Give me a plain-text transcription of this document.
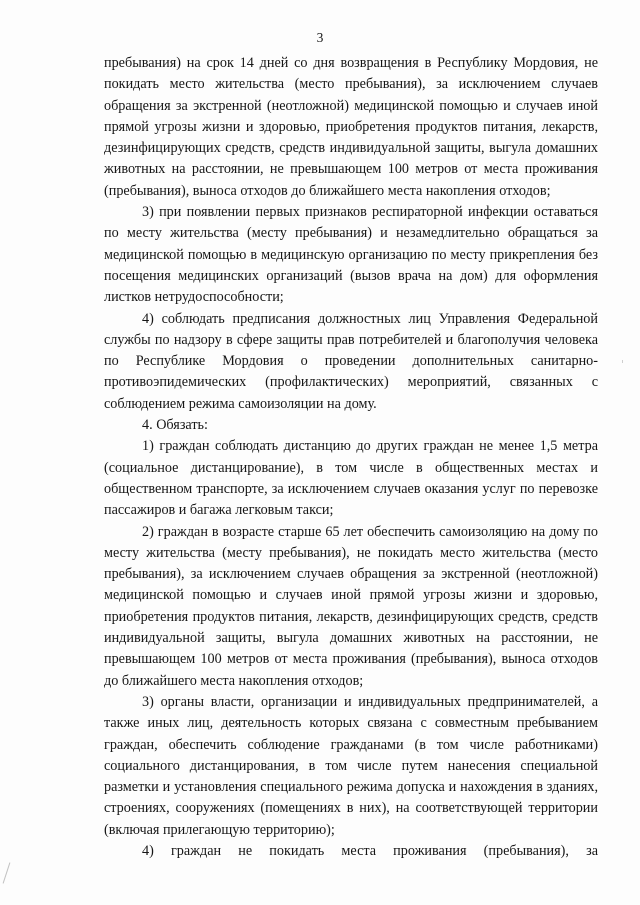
3

пребывания) на срок 14 дней со дня возвращения в Республику Мордовия, не покидать место жительства (место пребывания), за исключением случаев обращения за экстренной (неотложной) медицинской помощью и случаев иной прямой угрозы жизни и здоровью, приобретения продуктов питания, лекарств, дезинфицирующих средств, средств индивидуальной защиты, выгула домашних животных на расстоянии, не превышающем 100 метров от места проживания (пребывания), выноса отходов до ближайшего места накопления отходов;

3) при появлении первых признаков респираторной инфекции оставаться по месту жительства (месту пребывания) и незамедлительно обращаться за медицинской помощью в медицинскую организацию по месту прикрепления без посещения медицинских организаций (вызов врача на дом) для оформления листков нетрудоспособности;

4) соблюдать предписания должностных лиц Управления Федеральной службы по надзору в сфере защиты прав потребителей и благополучия человека по Республике Мордовия о проведении дополнительных санитарно-противоэпидемических (профилактических) мероприятий, связанных с соблюдением режима самоизоляции на дому.

4. Обязать:

1) граждан соблюдать дистанцию до других граждан не менее 1,5 метра (социальное дистанцирование), в том числе в общественных местах и общественном транспорте, за исключением случаев оказания услуг по перевозке пассажиров и багажа легковым такси;

2) граждан в возрасте старше 65 лет обеспечить самоизоляцию на дому по месту жительства (месту пребывания), не покидать место жительства (место пребывания), за исключением случаев обращения за экстренной (неотложной) медицинской помощью и случаев иной прямой угрозы жизни и здоровью, приобретения продуктов питания, лекарств, дезинфицирующих средств, средств индивидуальной защиты, выгула домашних животных на расстоянии, не превышающем 100 метров от места проживания (пребывания), выноса отходов до ближайшего места накопления отходов;

3) органы власти, организации и индивидуальных предпринимателей, а также иных лиц, деятельность которых связана с совместным пребыванием граждан, обеспечить соблюдение гражданами (в том числе работниками) социального дистанцирования, в том числе путем нанесения специальной разметки и установления специального режима допуска и нахождения в зданиях, строениях, сооружениях (помещениях в них), на соответствующей территории (включая прилегающую территорию);

4) граждан не покидать места проживания (пребывания), за
